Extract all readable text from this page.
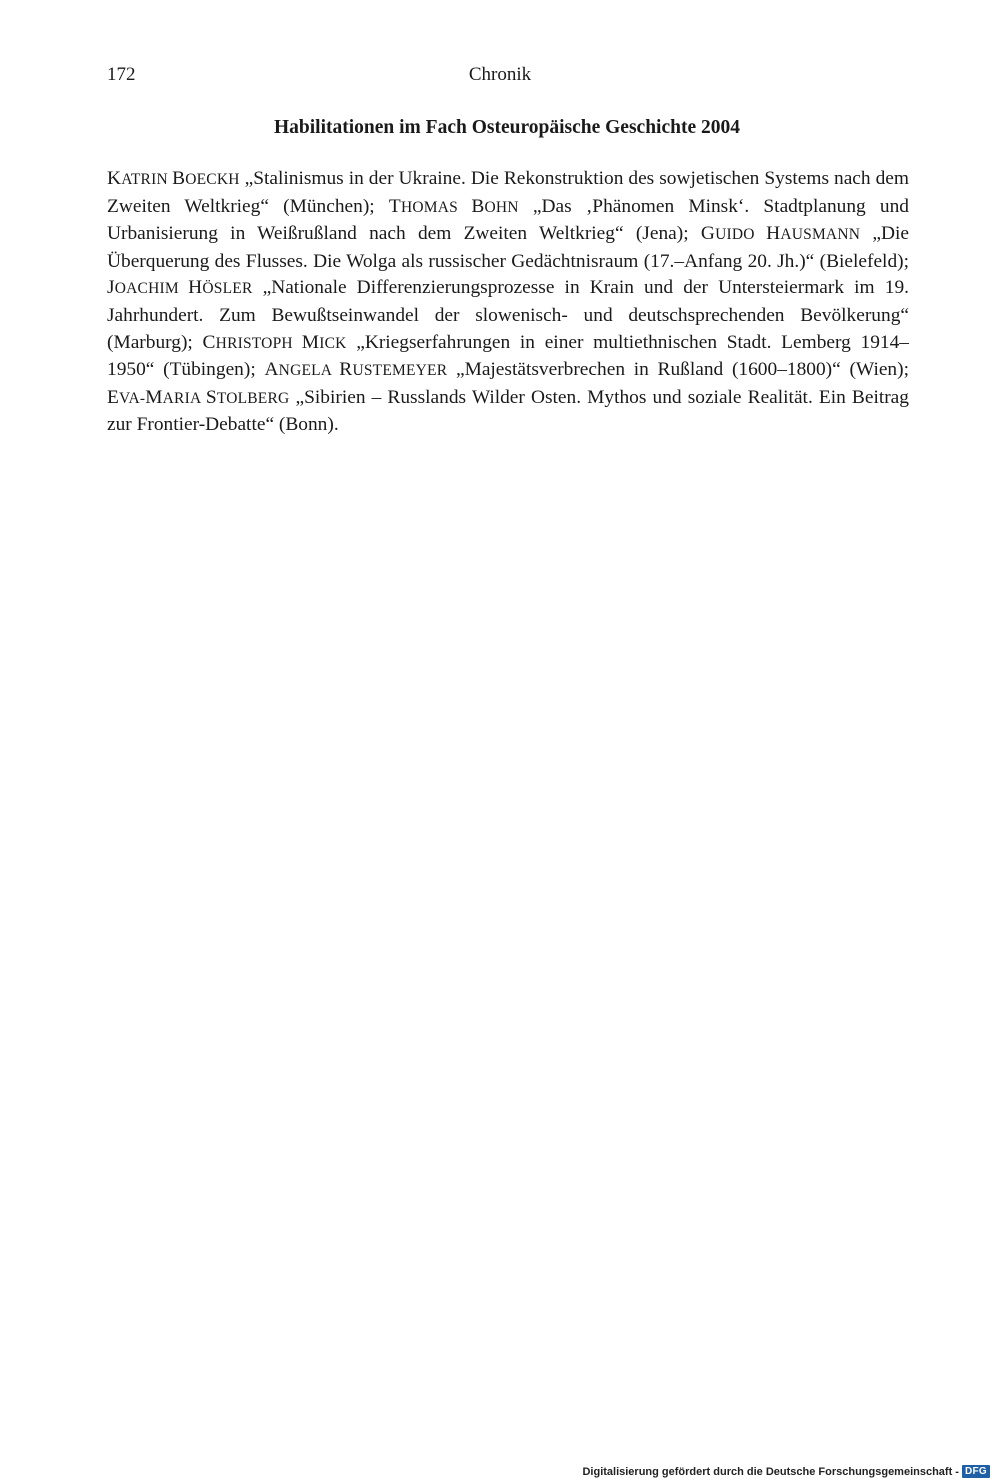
172	Chronik
Habilitationen im Fach Osteuropäische Geschichte 2004
KATRIN BOECKH „Stalinismus in der Ukraine. Die Rekonstruktion des sowjetischen Systems nach dem Zweiten Weltkrieg“ (München); THOMAS BOHN „Das ‚Phänomen Minsk‘. Stadtplanung und Urbanisierung in Weißrußland nach dem Zweiten Weltkrieg“ (Jena); GUIDO HAUSMANN „Die Überquerung des Flusses. Die Wolga als russischer Gedächtnisraum (17.–Anfang 20. Jh.)“ (Bielefeld); JOACHIM HÖSLER „Nationale Differenzierungsprozesse in Krain und der Untersteiermark im 19. Jahrhundert. Zum Bewußtseinwandel der slowenisch- und deutschsprechenden Bevölkerung“ (Marburg); CHRISTOPH MICK „Kriegserfahrungen in einer multiethnischen Stadt. Lemberg 1914–1950“ (Tübingen); ANGELA RUSTEMEYER „Majestätsverbrechen in Rußland (1600–1800)“ (Wien); EVA-MARIA STOLBERG „Sibirien – Russlands Wilder Osten. Mythos und soziale Realität. Ein Beitrag zur Frontier-Debatte“ (Bonn).
Digitalisierung gefördert durch die Deutsche Forschungsgemeinschaft - DFG
